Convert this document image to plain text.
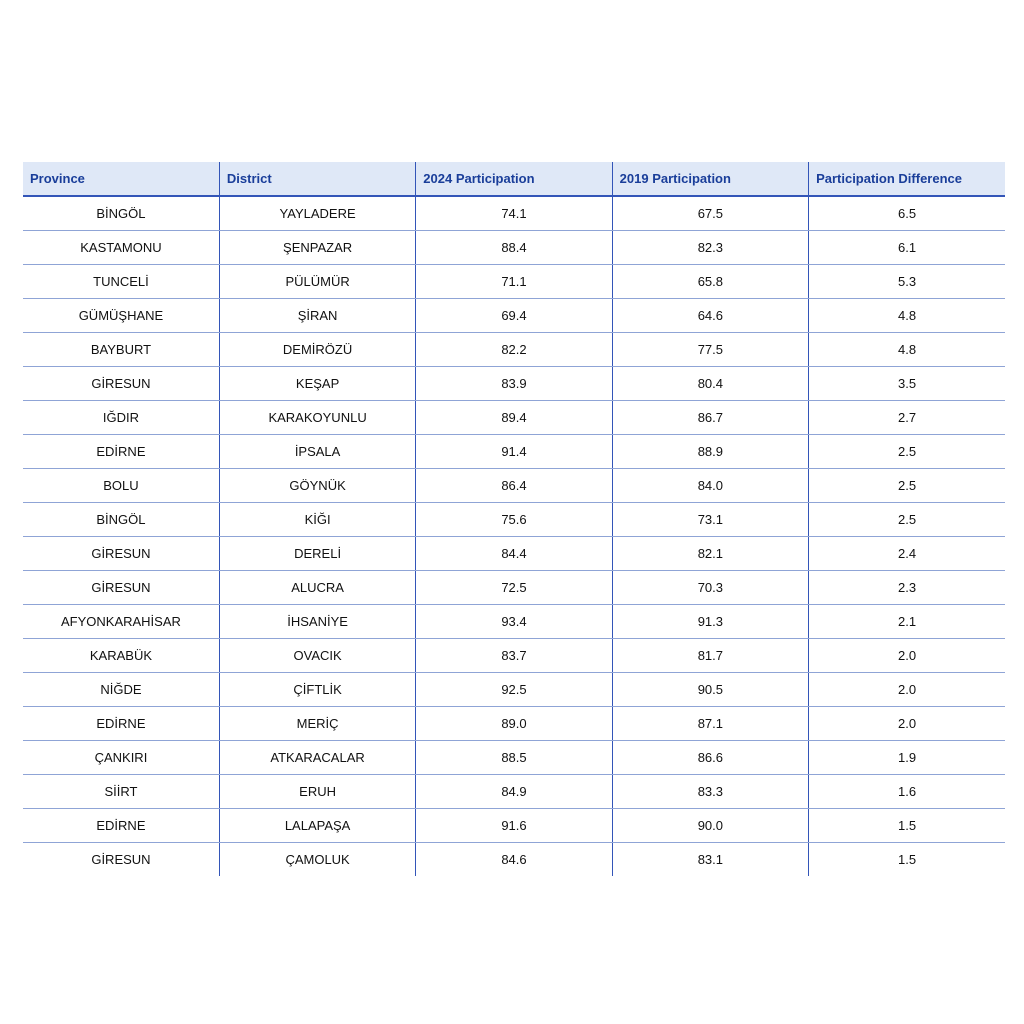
Province	District	2024 Participation	2019 Participation	Participation Difference
BİNGÖL	YAYLADERE	74.1	67.5	6.5
KASTAMONU	ŞENPAZAR	88.4	82.3	6.1
TUNCELİ	PÜLÜMÜR	71.1	65.8	5.3
GÜMÜŞHANE	ŞİRAN	69.4	64.6	4.8
BAYBURT	DEMİRÖZÜ	82.2	77.5	4.8
GİRESUN	KEŞAP	83.9	80.4	3.5
IĞDIR	KARAKOYUNLU	89.4	86.7	2.7
EDİRNE	İPSALA	91.4	88.9	2.5
BOLU	GÖYNÜK	86.4	84.0	2.5
BİNGÖL	KİĞI	75.6	73.1	2.5
GİRESUN	DERELİ	84.4	82.1	2.4
GİRESUN	ALUCRA	72.5	70.3	2.3
AFYONKARAHİSAR	İHSANİYE	93.4	91.3	2.1
KARABÜK	OVACIK	83.7	81.7	2.0
NİĞDE	ÇİFTLİK	92.5	90.5	2.0
EDİRNE	MERİÇ	89.0	87.1	2.0
ÇANKIRI	ATKARACALAR	88.5	86.6	1.9
SİİRT	ERUH	84.9	83.3	1.6
EDİRNE	LALAPAŞA	91.6	90.0	1.5
GİRESUN	ÇAMOLUK	84.6	83.1	1.5
